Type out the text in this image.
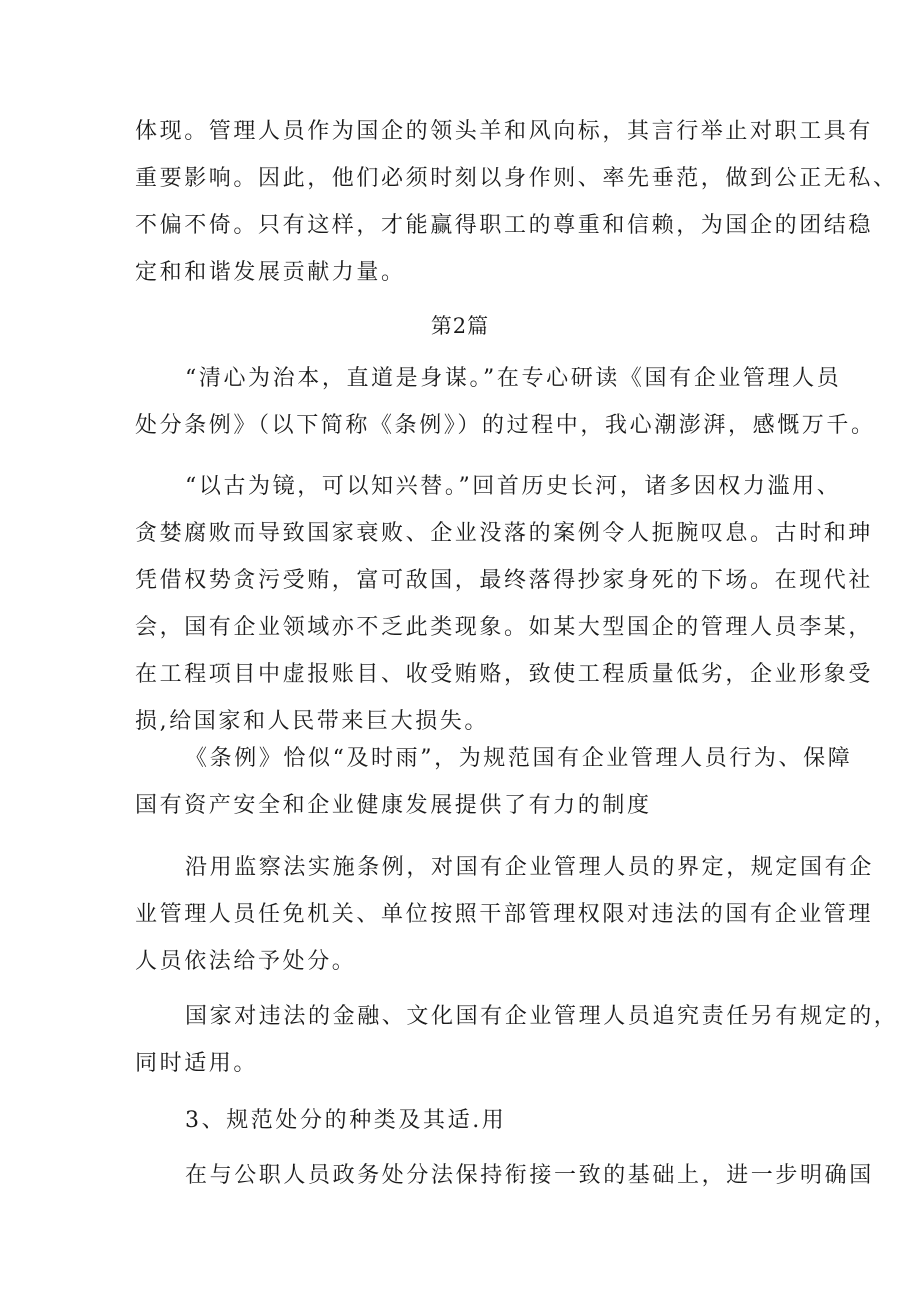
体现。管理人员作为国企的领头羊和风向标，其言行举止对职工具有
重要影响。因此，他们必须时刻以身作则、率先垂范，做到公正无私、
不偏不倚。只有这样，才能赢得职工的尊重和信赖，为国企的团结稳
定和和谐发展贡献力量。
第2篇
“清心为治本，直道是身谋。”在专心研读《国有企业管理人员
处分条例》（以下简称《条例》）的过程中，我心潮澎湃，感慨万千。
“以古为镜，可以知兴替。”回首历史长河，诸多因权力滥用、
贪婪腐败而导致国家衰败、企业没落的案例令人扼腕叹息。古时和珅
凭借权势贪污受贿，富可敌国，最终落得抄家身死的下场。在现代社
会，国有企业领域亦不乏此类现象。如某大型国企的管理人员李某，
在工程项目中虚报账目、收受贿赂，致使工程质量低劣，企业形象受
损,给国家和人民带来巨大损失。
《条例》恰似“及时雨”，为规范国有企业管理人员行为、保障
国有资产安全和企业健康发展提供了有力的制度
沿用监察法实施条例，对国有企业管理人员的界定，规定国有企
业管理人员任免机关、单位按照干部管理权限对违法的国有企业管理
人员依法给予处分。
国家对违法的金融、文化国有企业管理人员追究责任另有规定的，
同时适用。
3、规范处分的种类及其适.用
在与公职人员政务处分法保持衔接一致的基础上，进一步明确国
